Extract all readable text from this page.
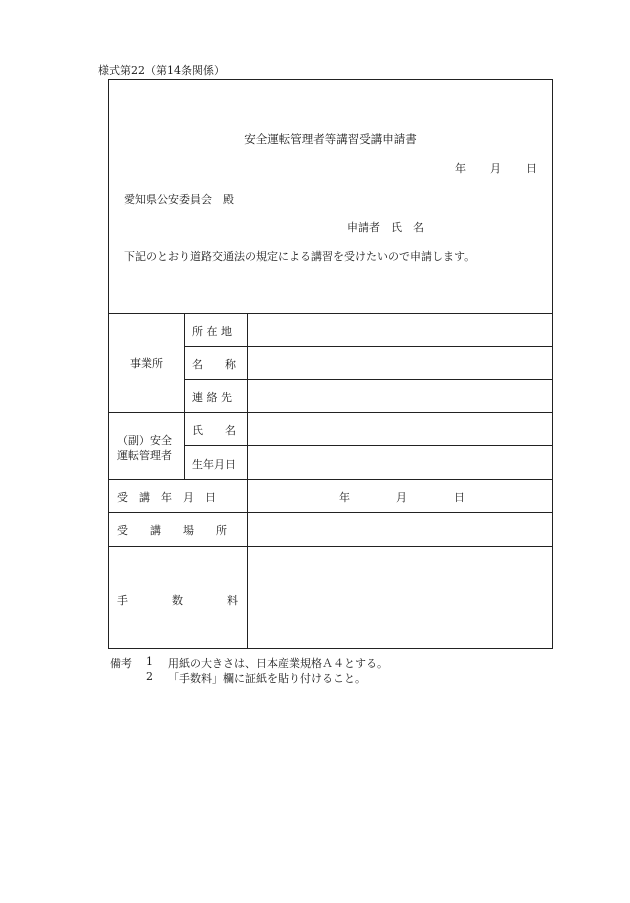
様式第22（第14条関係）
安全運転管理者等講習受講申請書
年 月 日
愛知県公安委員会　殿
申請者　氏　名
下記のとおり道路交通法の規定による講習を受けたいので申請します。
事業所
所 在 地
名　　称
連 絡 先
（副）安全
運転管理者
氏　　名
生年月日
受　講　年　月　日	年	月	日
受　　講　　場　　所
手　　　　数　　　　料
備考 1 用紙の大きさは、日本産業規格Ａ４とする。
2 「手数料」欄に証紙を貼り付けること。
